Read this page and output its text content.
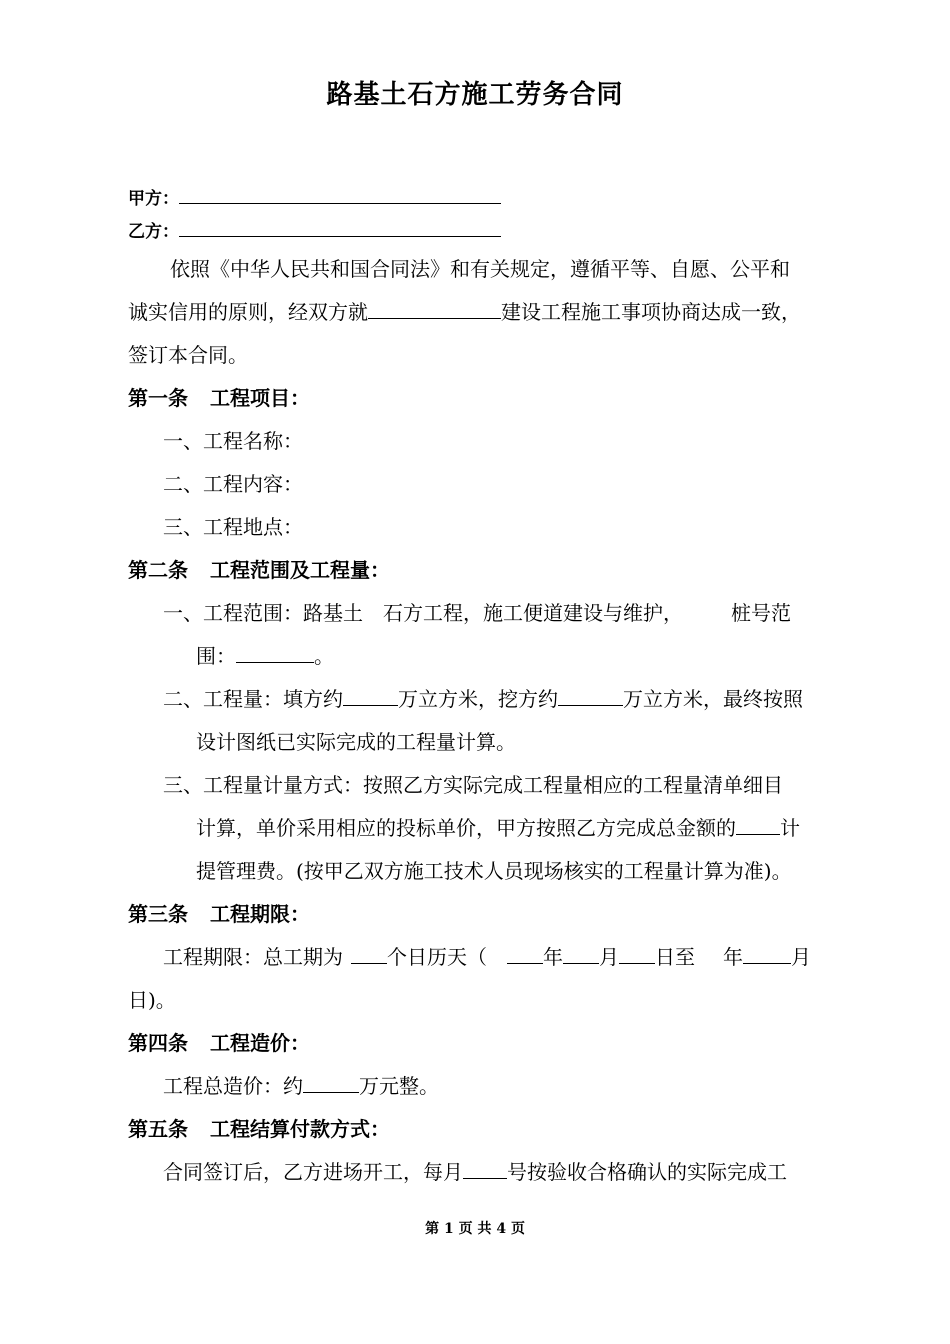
路基土石方施工劳务合同
甲方：
乙方：
依照《中华人民共和国合同法》和有关规定，遵循平等、自愿、公平和
诚实信用的原则，经双方就	建设工程施工事项协商达成一致，
签订本合同。
第一条 工程项目：
一、工程名称：
二、工程内容：
三、工程地点：
第二条 工程范围及工程量：
一、工程范围：路基土 石方工程，施工便道建设与维护， 桩号范
围：	。
二、工程量：填方约	万立方米，挖方约	万立方米，最终按照
设计图纸已实际完成的工程量计算。
三、工程量计量方式：按照乙方实际完成工程量相应的工程量清单细目
计算，单价采用相应的投标单价，甲方按照乙方完成总金额的 计
提管理费。(按甲乙双方施工技术人员现场核实的工程量计算为准)。
第三条 工程期限：
工程期限：总工期为 个日历天（	年 月 日至 年 月
日)。
第四条 工程造价：
工程总造价：约	万元整。
第五条 工程结算付款方式：
合同签订后，乙方进场开工，每月 号按验收合格确认的实际完成工
第 1 页 共 4 页
